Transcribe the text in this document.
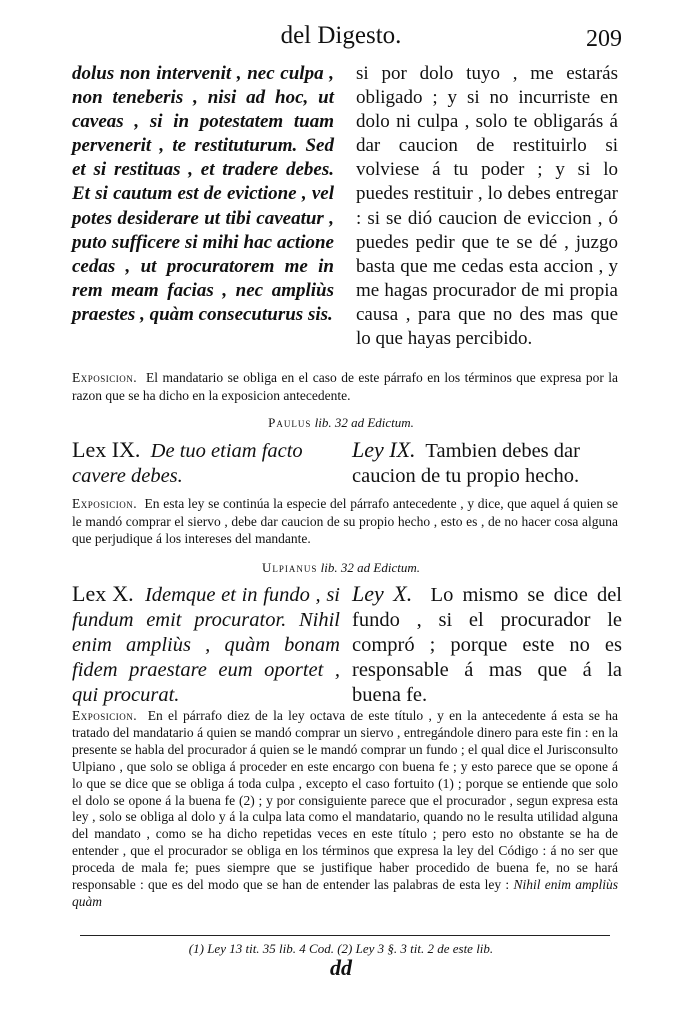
del Digesto.	209
dolus non intervenit , nec culpa , non teneberis , nisi ad hoc, ut caveas , si in potestatem tuam pervenerit , te restituturum. Sed et si restituas , et tradere debes. Et si cautum est de evictione , vel potes desiderare ut tibi caveatur , puto sufficere si mihi hac actione cedas , ut procuratorem me in rem meam facias , nec ampliùs praestes , quàm consecuturus sis.
si por dolo tuyo , me estarás obligado ; y si no incurriste en dolo ni culpa , solo te obligarás á dar caucion de restituirlo si volviese á tu poder ; y si lo puedes restituir , lo debes entregar : si se dió caucion de eviccion , ó puedes pedir que te se dé , juzgo basta que me cedas esta accion , y me hagas procurador de mi propia causa , para que no des mas que lo que hayas percibido.
Exposicion. El mandatario se obliga en el caso de este párrafo en los términos que expresa por la razon que se ha dicho en la exposicion antecedente.
Paulus lib. 32 ad Edictum.
Lex IX. De tuo etiam facto cavere debes.
Ley IX. Tambien debes dar caucion de tu propio hecho.
Exposicion. En esta ley se continúa la especie del párrafo antecedente , y dice, que aquel á quien se le mandó comprar el siervo , debe dar caucion de su propio hecho , esto es , de no hacer cosa alguna que perjudique á los intereses del mandante.
Ulpianus lib. 32 ad Edictum.
Lex X. Idemque et in fundo , si fundum emit procurator. Nihil enim ampliùs , quàm bonam fidem praestare eum oportet , qui procurat.
Ley X. Lo mismo se dice del fundo , si el procurador le compró ; porque este no es responsable á mas que á la buena fe.
Exposicion. En el párrafo diez de la ley octava de este título , y en la antecedente á esta se ha tratado del mandatario á quien se mandó comprar un siervo , entregándole dinero para este fin : en la presente se habla del procurador á quien se le mandó comprar un fundo ; el qual dice el Jurisconsulto Ulpiano , que solo se obliga á proceder en este encargo con buena fe ; y esto parece que se opone á lo que se dice que se obliga á toda culpa , excepto el caso fortuito (1) ; porque se entiende que solo el dolo se opone á la buena fe (2) ; y por consiguiente parece que el procurador , segun expresa esta ley , solo se obliga al dolo y á la culpa lata como el mandatario, quando no le resulta utilidad alguna del mandato , como se ha dicho repetidas veces en este título ; pero esto no obstante se ha de entender , que el procurador se obliga en los términos que expresa la ley del Código : á no ser que proceda de mala fe; pues siempre que se justifique haber procedido de buena fe, no se hará responsable : que es del modo que se han de entender las palabras de esta ley : Nihil enim ampliùs quàm
(1) Ley 13 tit. 35 lib. 4 Cod. (2) Ley 3 §. 3 tit. 2 de este lib.
dd
